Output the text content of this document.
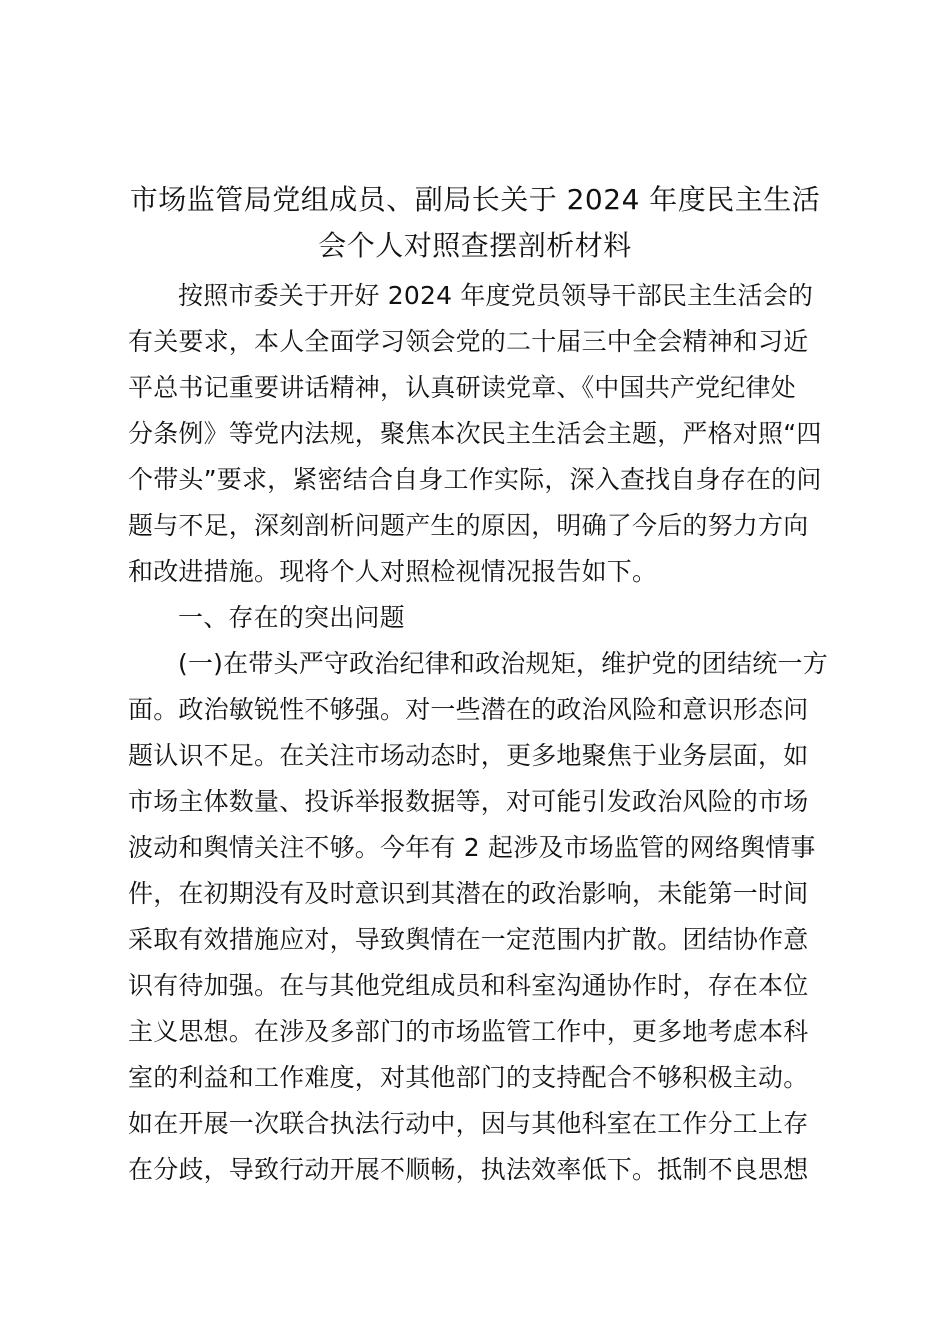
市场监管局党组成员、副局长关于 2024 年度民主生活
会个人对照查摆剖析材料
按照市委关于开好 2024 年度党员领导干部民主生活会的
有关要求，本人全面学习领会党的二十届三中全会精神和习近
平总书记重要讲话精神，认真研读党章、《中国共产党纪律处
分条例》等党内法规，聚焦本次民主生活会主题，严格对照“四
个带头”要求，紧密结合自身工作实际，深入查找自身存在的问
题与不足，深刻剖析问题产生的原因，明确了今后的努力方向
和改进措施。现将个人对照检视情况报告如下。
一、存在的突出问题
(一)在带头严守政治纪律和政治规矩，维护党的团结统一方
面。政治敏锐性不够强。对一些潜在的政治风险和意识形态问
题认识不足。在关注市场动态时，更多地聚焦于业务层面，如
市场主体数量、投诉举报数据等，对可能引发政治风险的市场
波动和舆情关注不够。今年有 2 起涉及市场监管的网络舆情事
件，在初期没有及时意识到其潜在的政治影响，未能第一时间
采取有效措施应对，导致舆情在一定范围内扩散。团结协作意
识有待加强。在与其他党组成员和科室沟通协作时，存在本位
主义思想。在涉及多部门的市场监管工作中，更多地考虑本科
室的利益和工作难度，对其他部门的支持配合不够积极主动。
如在开展一次联合执法行动中，因与其他科室在工作分工上存
在分歧，导致行动开展不顺畅，执法效率低下。抵制不良思想
